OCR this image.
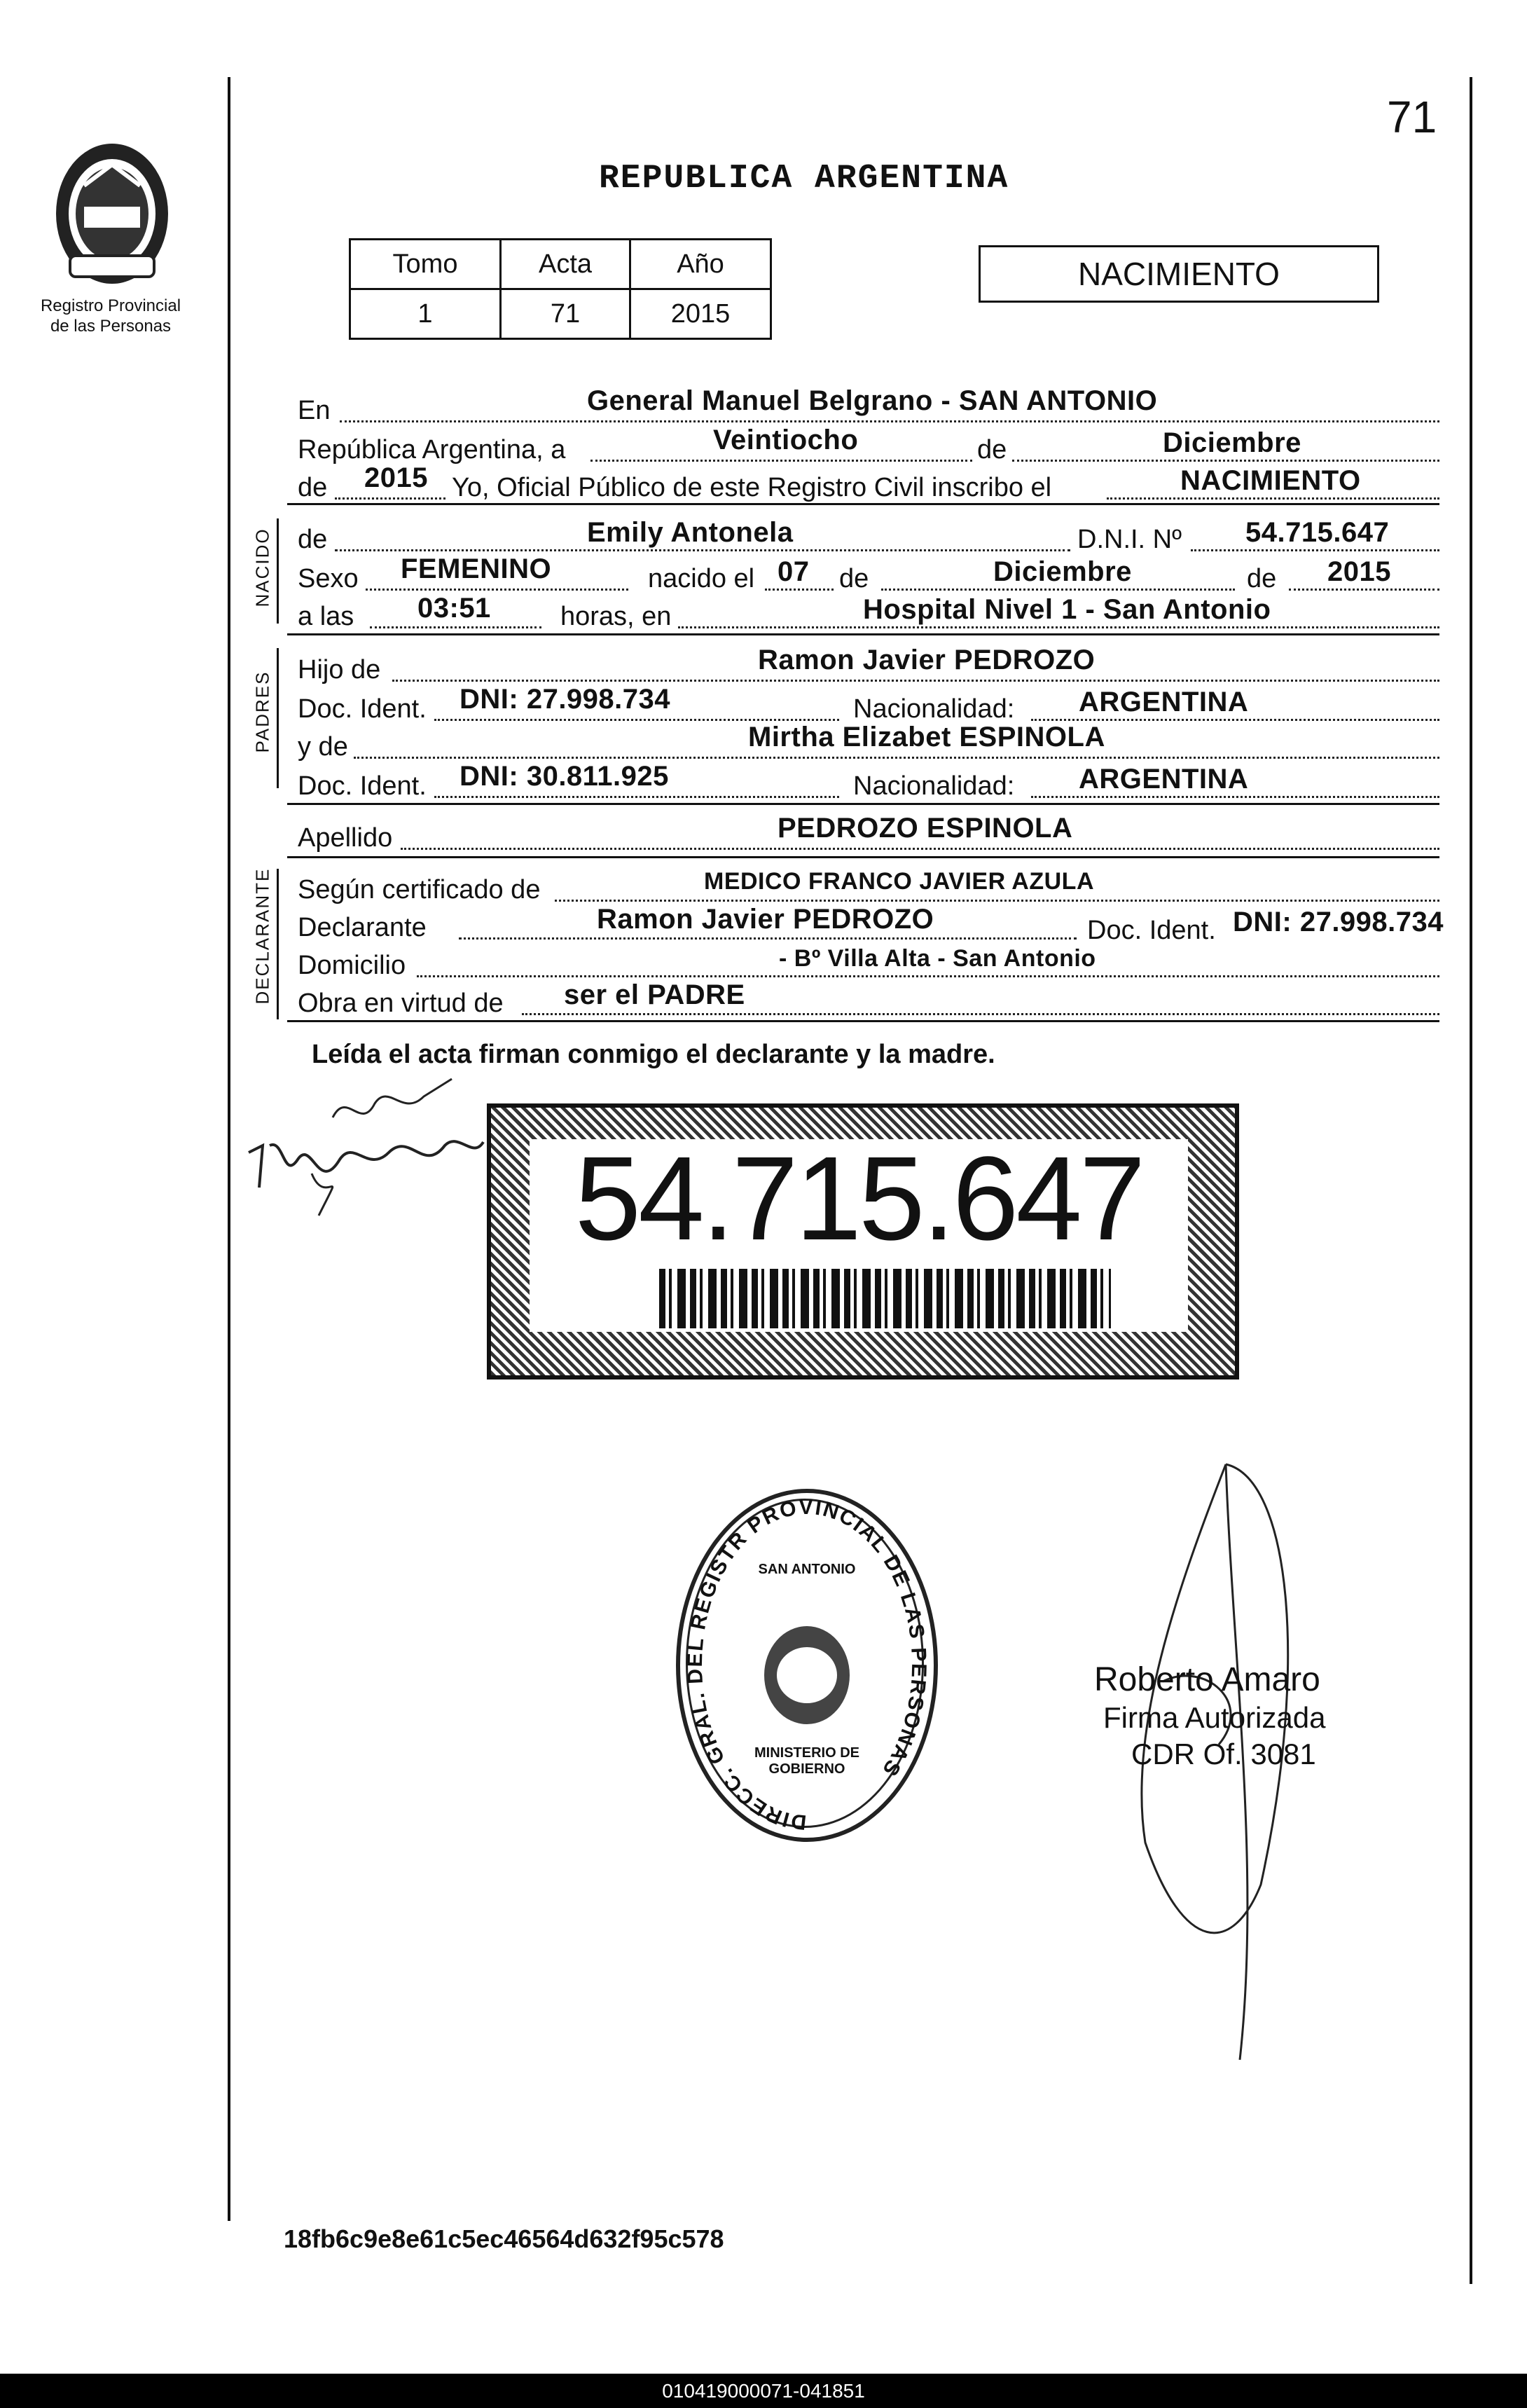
71
Registro Provincial
de las Personas
REPUBLICA ARGENTINA
Tomo	Acta	Año
1	71	2015
NACIMIENTO
En	General Manuel Belgrano - SAN ANTONIO
República Argentina, a	Veintiocho	de	Diciembre
de 2015 Yo, Oficial Público de este Registro Civil inscribo el	NACIMIENTO
NACIDO de	Emily Antonela	D.N.I. Nº 54.715.647
Sexo FEMENINO	nacido el 07 de	Diciembre	de 2015
a las 03:51	horas, en	Hospital Nivel 1 - San Antonio
PADRES
Hijo de	Ramon Javier PEDROZO
Doc. Ident. DNI: 27.998.734	Nacionalidad: ARGENTINA
y de	Mirtha Elizabet ESPINOLA
Doc. Ident. DNI: 30.811.925	Nacionalidad: ARGENTINA
Apellido	PEDROZO ESPINOLA
DECLARANTE Según certificado de	MEDICO FRANCO JAVIER AZULA
Declarante	Ramon Javier PEDROZO	Doc. Ident. DNI: 27.998.734
Domicilio	- Bº Villa Alta - San Antonio
Obra en virtud de ser el PADRE
Leída el acta firman conmigo el declarante y la madre.
54.715.647
DIRECC. GRAL. DEL REGISTR PROVINCIAL DE LAS PERSONAS
SAN ANTONIO
MINISTERIO DE GOBIERNO
Roberto Amaro
Firma Autorizada
CDR Of. 3081
18fb6c9e8e61c5ec46564d632f95c578
010419000071-041851
